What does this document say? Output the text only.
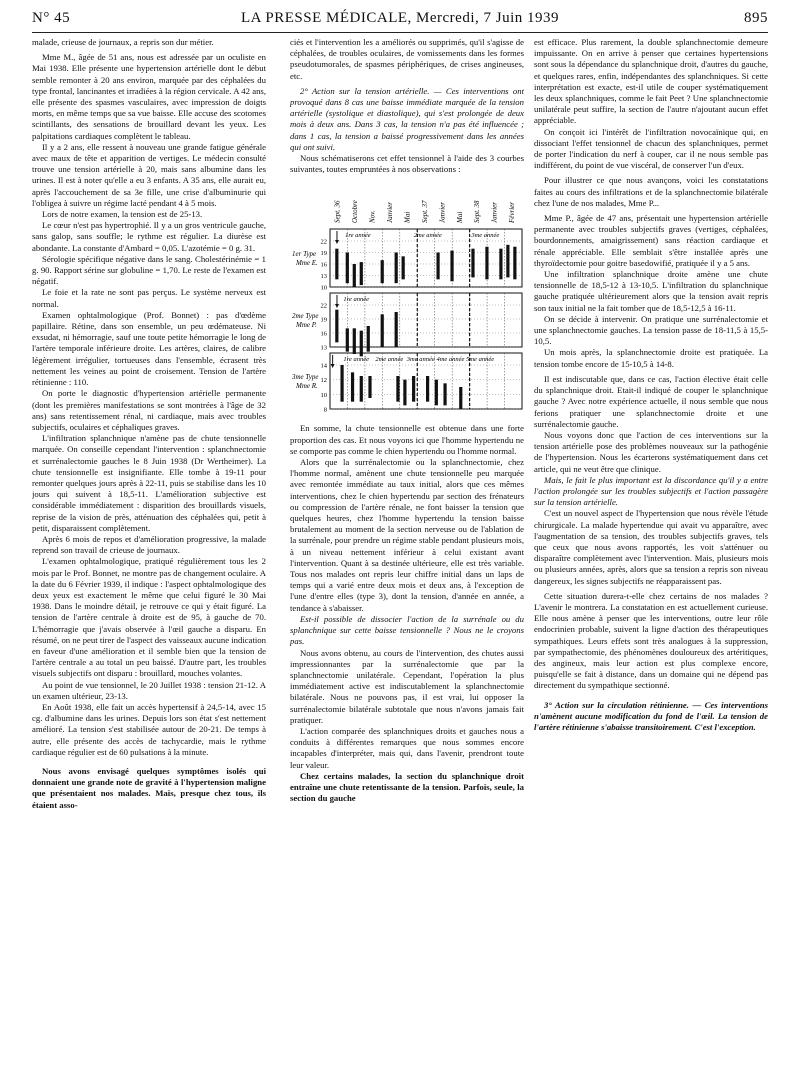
N° 45	LA PRESSE MÉDICALE, Mercredi, 7 Juin 1939	895

malade, crieuse de journaux, a repris son dur métier.

Mme M., âgée de 51 ans, nous est adressée par un oculiste en Mai 1938. Elle présente une hypertension artérielle dont le début semble remonter à 20 ans environ, marquée par des céphalées du type frontal, lancinantes et irradiées à la région cervicale. A 42 ans, elle présente des spasmes vasculaires, avec impression de doigts morts, en même temps que sa vue baisse. Elle accuse des scotomes scintillants, des sensations de brouillard devant les yeux. Les palpitations cardiaques complètent le tableau.

Il y a 2 ans, elle ressent à nouveau une grande fatigue générale avec maux de tête et apparition de vertiges. Le médecin consulté trouve une tension artérielle à 20, mais sans albumine dans les urines. Il est à noter qu'elle a eu 3 enfants. A 35 ans, elle aurait eu, après l'accouchement de sa 3e fille, une crise d'albuminurie qui l'obligea à suivre un régime lacté pendant 4 à 5 mois.

Lors de notre examen, la tension est de 25-13.

Le cœur n'est pas hypertrophié. Il y a un gros ventricule gauche, sans galop, sans souffle; le rythme est régulier. La diurèse est abondante. La constante d'Ambard = 0,05. L'azotémie = 0 g. 31.

Sérologie spécifique négative dans le sang. Cholestérinémie = 1 g. 90. Rapport sérine sur globuline = 1,70. Le reste de l'examen est négatif.

Le foie et la rate ne sont pas perçus. Le système nerveux est normal.

Examen ophtalmologique (Prof. Bonnet) : pas d'œdème papillaire. Rétine, dans son ensemble, un peu œdémateuse. Ni exsudat, ni hémorragie, sauf une toute petite hémorragie le long de l'artère temporale inférieure droite. Les artères, claires, de calibre légèrement irrégulier, tortueuses dans l'ensemble, écrasent très nettement les veines au point de croisement. Tension de l'artère rétinienne : 110.

On porte le diagnostic d'hypertension artérielle permanente (dont les premières manifestations se sont montrées à l'âge de 32 ans) sans retentissement rénal, ni cardiaque, mais avec troubles subjectifs, oculaires et céphaliques graves.

L'infiltration splanchnique n'amène pas de chute tensionnelle marquée. On conseille cependant l'intervention : splanchnectomie et surrénalectomie gauches le 8 Juin 1938 (Dr Wertheimer). La chute tensionnelle est insignifiante. Elle tombe à 19-11 pour remonter quelques jours après à 22-11, puis se stabilise dans les 10 jours qui suivent à 18,5-11. L'amélioration subjective est considérable immédiatement : disparition des brouillards visuels, reprise de la vision de près, atténuation des céphalées qui, petit à petit, disparaissent complètement.

Après 6 mois de repos et d'amélioration progressive, la malade reprend son travail de crieuse de journaux.

L'examen ophtalmologique, pratiqué régulièrement tous les 2 mois par le Prof. Bonnet, ne montre pas de changement oculaire. A la date du 6 Février 1939, il indique : l'aspect ophtalmologique des deux yeux est exactement le même que celui figuré le 30 Mai 1938. Dans le moindre détail, je retrouve ce qui y était figuré. La tension de l'artère centrale à droite est de 95, à gauche de 70. L'hémorragie que j'avais observée à l'œil gauche a disparu. En résumé, on ne peut tirer de l'aspect des vaisseaux aucune indication en faveur d'une amélioration et il semble bien que la tension de l'artère centrale a au total un peu baissé. D'autre part, les troubles visuels subjectifs ont disparu : brouillard, mouches volantes.

Au point de vue tensionnel, le 20 Juillet 1938 : tension 21-12. A un examen ultérieur, 23-13.

En Août 1938, elle fait un accès hypertensif à 24,5-14, avec 15 cg. d'albumine dans les urines. Depuis lors son état s'est nettement amélioré. La tension s'est stabilisée autour de 20-21. De temps à autre, elle présente des accès de tachycardie, mais le rythme cardiaque régulier est de 60 pulsations à la minute.

Nous avons envisagé quelques symptômes isolés qui donnaient une grande note de gravité à l'hypertension maligne que présentaient nos malades. Mais, presque chez tous, ils étaient asso-

ciés et l'intervention les a améliorés ou supprimés, qu'il s'agisse de céphalées, de troubles oculaires, de vomissements dans les formes pseudotumorales, de spasmes périphériques, de crises angineuses, etc.

2° Action sur la tension artérielle. — Ces interventions ont provoqué dans 8 cas une baisse immédiate marquée de la tension artérielle (systolique et diastolique), qui s'est prolongée de deux mois à deux ans. Dans 3 cas, la tension n'a pas été influencée ; dans 1 cas, la tension a baissé progressivement dans les années qui ont suivi.

Nous schématiserons cet effet tensionnel à l'aide des 3 courbes suivantes, toutes empruntées à nos observations :

Sept. 36 Octobre Nov. Janvier Mai Sept. 37 Janvier Mai Sept. 38 Janvier Février
22
19
16
13
10
1er Type
Mme E.
1re année	2me année	3me année
22
19
16
13
2me Type
Mme P.
1re année
14
12
10
8
3me Type
Mme R.
1re année 2me année 3me année 4me année 5me année

En somme, la chute tensionnelle est obtenue dans une forte proportion des cas. Et nous voyons ici que l'homme hypertendu ne se comporte pas comme le chien hypertendu ou l'homme normal.

Alors que la surrénalectomie ou la splanchnectomie, chez l'homme normal, amènent une chute tensionnelle peu marquée avec remontée immédiate au taux initial, alors que ces mêmes interventions, chez le chien hypertendu par section des frénateurs ou compression de l'artère rénale, ne font baisser la tension que quelques heures, chez l'homme hypertendu la tension baisse brutalement au moment de la section nerveuse ou de l'ablation de la surrénale, pour prendre un régime stable pendant plusieurs mois, à un niveau nettement inférieur à celui existant avant l'intervention. Quant à sa destinée ultérieure, elle est très variable. Tous nos malades ont repris leur chiffre initial dans un laps de temps qui a varié entre deux mois et deux ans, à l'exception de l'une d'entre elles (type 3), dont la tension, d'année en année, a tendance à s'abaisser.

Est-il possible de dissocier l'action de la surrénale ou du splanchnique sur cette baisse tensionnelle ? Nous ne le croyons pas.

Nous avons obtenu, au cours de l'intervention, des chutes aussi impressionnantes par la surrénalectomie que par la splanchnectomie unilatérale. Cependant, l'opération la plus immédiatement active est indiscutablement la splanchnectomie bilatérale. Nous ne pouvons pas, il est vrai, lui opposer la surrénalectomie bilatérale subtotale que nous n'avons jamais fait pratiquer.

L'action comparée des splanchniques droits et gauches nous a conduits à différentes remarques que nous sommes encore incapables d'interpréter, mais qui, dans l'avenir, prendront toute leur valeur.

Chez certains malades, la section du splanchnique droit entraîne une chute retentissante de la tension. Parfois, seule, la section du gauche

est efficace. Plus rarement, la double splanchnectomie demeure impuissante. On en arrive à penser que certaines hypertensions sont sous la dépendance du splanchnique droit, d'autres du gauche, et quelques rares, enfin, indépendantes des splanchniques. Si cette interprétation est exacte, est-il utile de couper systématiquement les deux splanchniques, comme le fait Peet ? Une splanchnectomie unilatérale peut suffire, la section de l'autre n'ajoutant aucun effet appréciable.

On conçoit ici l'intérêt de l'infiltration novocaïnique qui, en dissociant l'effet tensionnel de chacun des splanchniques, permet de porter l'indication du nerf à couper, car il ne nous semble pas indifférent, du point de vue viscéral, de conserver l'un d'eux.

Pour illustrer ce que nous avançons, voici les constatations faites au cours des infiltrations et de la splanchnectomie bilatérale chez l'une de nos malades, Mme P...

Mme P., âgée de 47 ans, présentait une hypertension artérielle permanente avec troubles subjectifs graves (vertiges, céphalées, bourdonnements, amaigrissement) sans réaction cardiaque et rénale appréciable. Elle semblait s'être installée après une thyroïdectomie pour goitre basedowifié, pratiquée il y a 5 ans.

Une infiltration splanchnique droite amène une chute tensionnelle de 18,5-12 à 13-10,5. L'infiltration du splanchnique gauche pratiquée ultérieurement alors que la tension avait repris son taux initial ne la fait tomber que de 18,5-12,5 à 16-11.

On se décide à intervenir. On pratique une surrénalectomie et une splanchnectomie gauches. La tension passe de 18-11,5 à 15,5-10,5.

Un mois après, la splanchnectomie droite est pratiquée. La tension tombe encore de 15-10,5 à 14-8.

Il est indiscutable que, dans ce cas, l'action élective était celle du splanchnique droit. Etait-il indiqué de couper le splanchnique gauche ? Avec notre expérience actuelle, il nous semble que nous ferions pratiquer une splanchnectomie droite et une surrénalectomie gauche.

Nous voyons donc que l'action de ces interventions sur la tension artérielle pose des problèmes nouveaux sur la pathogénie de l'hypertension. Nous les écarterons systématiquement dans cet article, qui ne veut être que clinique.

Mais, le fait le plus important est la discordance qu'il y a entre l'action prolongée sur les troubles subjectifs et l'action passagère sur la tension artérielle.

C'est un nouvel aspect de l'hypertension que nous révèle l'étude chirurgicale. La malade hypertendue qui avait vu apparaître, avec l'augmentation de sa tension, des troubles subjectifs graves, tels que ceux que nous avons rapportés, les voit s'atténuer ou disparaître complètement avec l'intervention. Mais, plusieurs mois ou plusieurs années, après, alors que sa tension a repris son niveau dangereux, les signes subjectifs ne réapparaissent pas.

Cette situation durera-t-elle chez certains de nos malades ? L'avenir le montrera. La constatation en est actuellement curieuse. Elle nous amène à penser que les interventions, outre leur rôle endocrinien probable, suivent la ligne d'action des thérapeutiques sympathiques. Leurs effets sont très analogues à la suppression, par sympathectomie, des phénomènes douloureux des artéritiques, des angineux, mais leur action est plus complexe encore, puisqu'elle se fait à distance, dans un domaine qui ne dépend pas directement du sympathique sectionné.

3° Action sur la circulation rétinienne. — Ces interventions n'amènent aucune modification du fond de l'œil. La tension de l'artère rétinienne s'abaisse transitoirement. C'est l'exception.
